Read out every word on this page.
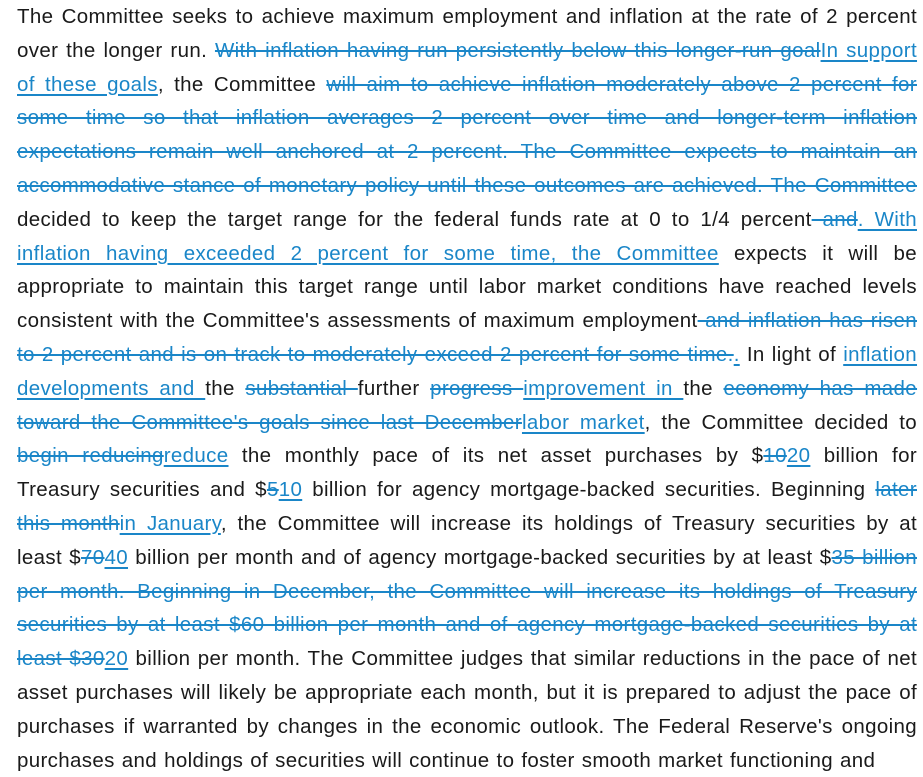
The Committee seeks to achieve maximum employment and inflation at the rate of 2 percent over the longer run. With inflation having run persistently below this longer-run goalIn support of these goals, the Committee will aim to achieve inflation moderately above 2 percent for some time so that inflation averages 2 percent over time and longer-term inflation expectations remain well anchored at 2 percent. The Committee expects to maintain an accommodative stance of monetary policy until these outcomes are achieved. The Committee decided to keep the target range for the federal funds rate at 0 to 1/4 percent and. With inflation having exceeded 2 percent for some time, the Committee expects it will be appropriate to maintain this target range until labor market conditions have reached levels consistent with the Committee's assessments of maximum employment and inflation has risen to 2 percent and is on track to moderately exceed 2 percent for some time.. In light of inflation developments and the substantial further progress improvement in the economy has made toward the Committee's goals since last Decemberlabor market, the Committee decided to begin reducingreduce the monthly pace of its net asset purchases by $1020 billion for Treasury securities and $510 billion for agency mortgage-backed securities. Beginning later this monthin January, the Committee will increase its holdings of Treasury securities by at least $7040 billion per month and of agency mortgage-backed securities by at least $35 billion per month. Beginning in December, the Committee will increase its holdings of Treasury securities by at least $60 billion per month and of agency mortgage-backed securities by at least $3020 billion per month. The Committee judges that similar reductions in the pace of net asset purchases will likely be appropriate each month, but it is prepared to adjust the pace of purchases if warranted by changes in the economic outlook. The Federal Reserve's ongoing purchases and holdings of securities will continue to foster smooth market functioning and
